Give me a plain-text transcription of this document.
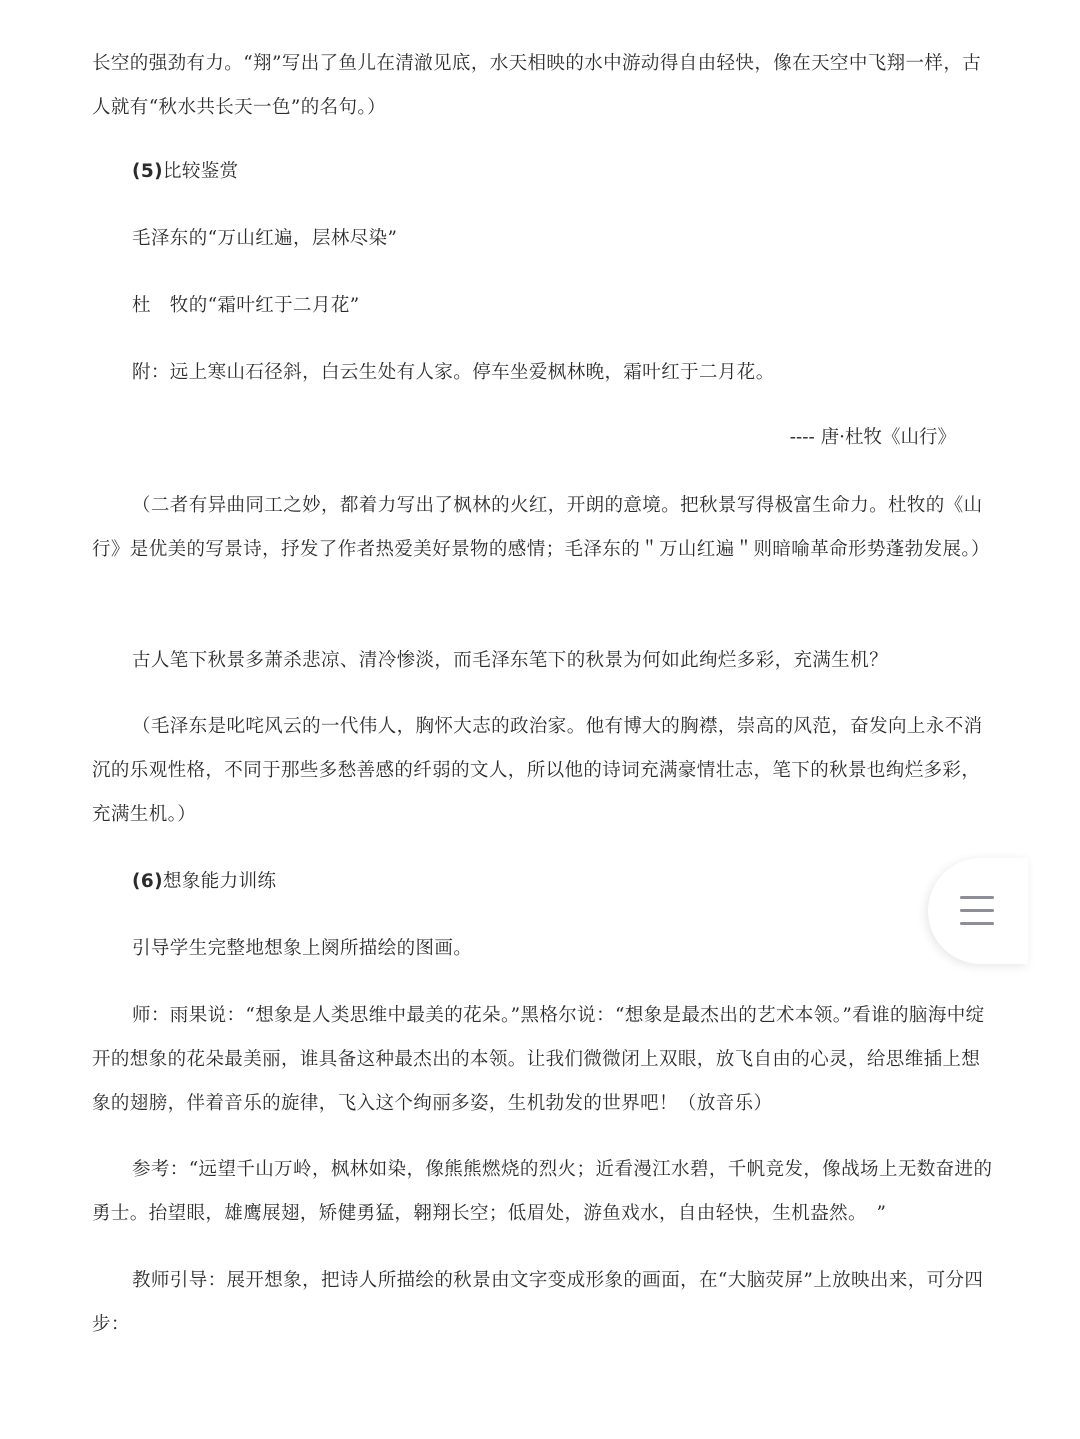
长空的强劲有力。“翔”写出了鱼儿在清澈见底，水天相映的水中游动得自由轻快，像在天空中飞翔一样，古人就有“秋水共长天一色”的名句。）

(5)比较鉴赏

毛泽东的“万山红遍，层林尽染”

杜　牧的“霜叶红于二月花”

附：远上寒山石径斜，白云生处有人家。停车坐爱枫林晚，霜叶红于二月花。

---- 唐·杜牧《山行》

（二者有异曲同工之妙，都着力写出了枫林的火红，开朗的意境。把秋景写得极富生命力。杜牧的《山行》是优美的写景诗，抒发了作者热爱美好景物的感情；毛泽东的＂万山红遍＂则暗喻革命形势蓬勃发展。）

古人笔下秋景多萧杀悲凉、清冷惨淡，而毛泽东笔下的秋景为何如此绚烂多彩，充满生机？

（毛泽东是叱咤风云的一代伟人，胸怀大志的政治家。他有博大的胸襟，崇高的风范，奋发向上永不消沉的乐观性格，不同于那些多愁善感的纤弱的文人，所以他的诗词充满豪情壮志，笔下的秋景也绚烂多彩，充满生机。）

(6)想象能力训练

引导学生完整地想象上阕所描绘的图画。

师：雨果说：“想象是人类思维中最美的花朵。”黑格尔说：“想象是最杰出的艺术本领。”看谁的脑海中绽开的想象的花朵最美丽，谁具备这种最杰出的本领。让我们微微闭上双眼，放飞自由的心灵，给思维插上想象的翅膀，伴着音乐的旋律，飞入这个绚丽多姿，生机勃发的世界吧！（放音乐）

参考：“远望千山万岭，枫林如染，像熊熊燃烧的烈火；近看漫江水碧，千帆竞发，像战场上无数奋进的勇士。抬望眼，雄鹰展翅，矫健勇猛，翱翔长空；低眉处，游鱼戏水，自由轻快，生机盎然。　”

教师引导：展开想象，把诗人所描绘的秋景由文字变成形象的画面，在“大脑荧屏”上放映出来，可分四步：
